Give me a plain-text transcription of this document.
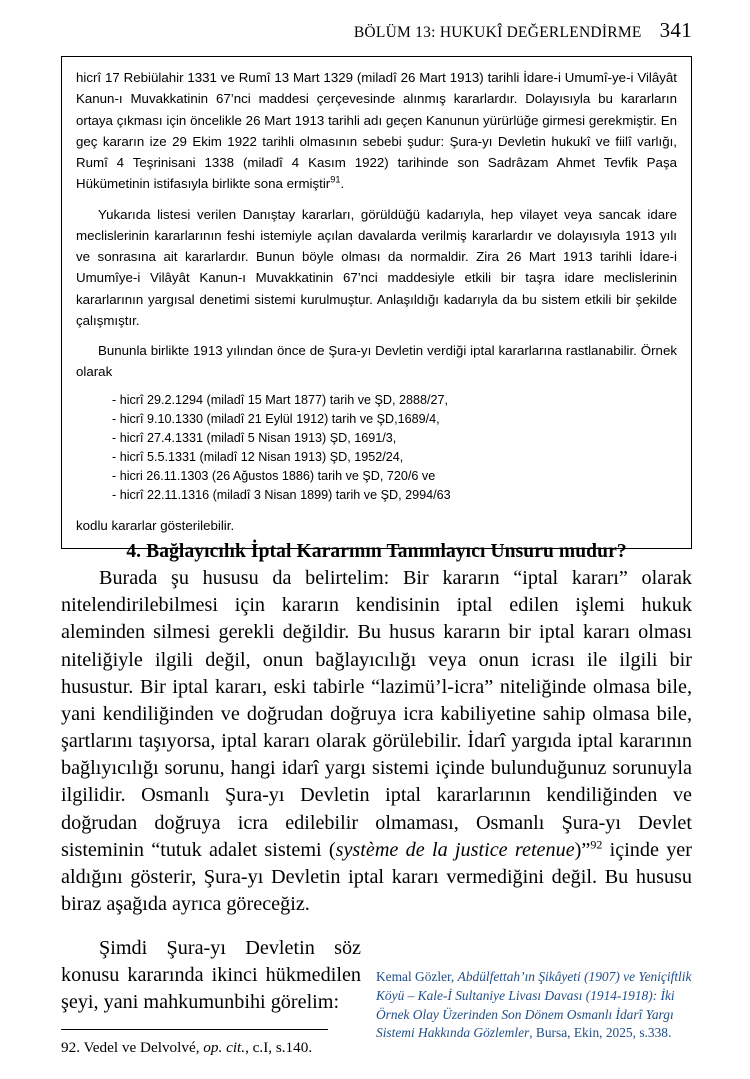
BÖLÜM 13: HUKUKÎ DEĞERLENDİRME 341

hicrî 17 Rebiülahir 1331 ve Rumî 13 Mart 1329 (miladî 26 Mart 1913) tarihli İdare-i Umumî-ye-i Vilâyât Kanun-ı Muvakkatinin 67’nci maddesi çerçevesinde alınmış kararlardır. Dolayısıyla bu kararların ortaya çıkması için öncelikle 26 Mart 1913 tarihli adı geçen Kanunun yürürlüğe girmesi gerekmiştir. En geç kararın ize 29 Ekim 1922 tarihli olmasının sebebi şudur: Şura-yı Devletin hukukî ve fiilî varlığı, Rumî 4 Teşrinisani 1338 (miladî 4 Kasım 1922) tarihinde son Sadrâzam Ahmet Tevfik Paşa Hükümetinin istifasıyla birlikte sona ermiştir$^{91}$.

Yukarıda listesi verilen Danıştay kararları, görüldüğü kadarıyla, hep vilayet veya sancak idare meclislerinin kararlarının feshi istemiyle açılan davalarda verilmiş kararlardır ve dolayısıyla 1913 yılı ve sonrasına ait kararlardır. Bunun böyle olması da normaldir. Zira 26 Mart 1913 tarihli İdare-i Umumîye-i Vilâyât Kanun-ı Muvakkatinin 67’nci maddesiyle etkili bir taşra idare meclislerinin kararlarının yargısal denetimi sistemi kurulmuştur. Anlaşıldığı kadarıyla da bu sistem etkili bir şekilde çalışmıştır.

Bununla birlikte 1913 yılından önce de Şura-yı Devletin verdiği iptal kararlarına rastlanabilir. Örnek olarak

- hicrî 29.2.1294 (miladî 15 Mart 1877) tarih ve ŞD, 2888/27,
- hicrî 9.10.1330 (miladî 21 Eylül 1912) tarih ve ŞD,1689/4,
- hicrî 27.4.1331 (miladî 5 Nisan 1913) ŞD, 1691/3,
- hicrî 5.5.1331 (miladî 12 Nisan 1913) ŞD, 1952/24,
- hicri 26.11.1303 (26 Ağustos 1886) tarih ve ŞD, 720/6 ve
- hicrî 22.11.1316 (miladî 3 Nisan 1899) tarih ve ŞD, 2994/63
kodlu kararlar gösterilebilir.
4. Bağlayıcılık İptal Kararının Tanımlayıcı Unsuru mudur?

Burada şu hususu da belirtelim: Bir kararın “iptal kararı” olarak nitelendirilebilmesi için kararın kendisinin iptal edilen işlemi hukuk aleminden silmesi gerekli değildir. Bu husus kararın bir iptal kararı olması niteliğiyle ilgili değil, onun bağlayıcılığı veya onun icrası ile ilgili bir husustur. Bir iptal kararı, eski tabirle “lazimü’l-icra” niteliğinde olmasa bile, yani kendiliğinden ve doğrudan doğruya icra kabiliyetine sahip olmasa bile, şartlarını taşıyorsa, iptal kararı olarak görülebilir. İdarî yargıda iptal kararının bağlıyıcılığı sorunu, hangi idarî yargı sistemi içinde bulunduğunuz sorunuyla ilgilidir. Osmanlı Şura-yı Devletin iptal kararlarının kendiliğinden ve doğrudan doğruya icra edilebilir olmaması, Osmanlı Şura-yı Devlet sisteminin “tutuk adalet sistemi (système de la justice retenue)”$^{92}$ içinde yer aldığını gösterir, Şura-yı Devletin iptal kararı vermediğini değil. Bu hususu biraz aşağıda ayrıca göreceğiz.

Şimdi Şura-yı Devletin söz konusu kararında ikinci hükmedilen şeyi, yani mahkumunbihi görelim:

Kemal Gözler, Abdülfettah’ın Şikâyeti (1907) ve Yeniçiftlik Köyü – Kale-İ Sultaniye Livası Davası (1914-1918): İki Örnek Olay Üzerinden Son Dönem Osmanlı İdarî Yargı Sistemi Hakkında Gözlemler, Bursa, Ekin, 2025, s.338.
92. Vedel ve Delvolvé, op. cit., c.I, s.140.
